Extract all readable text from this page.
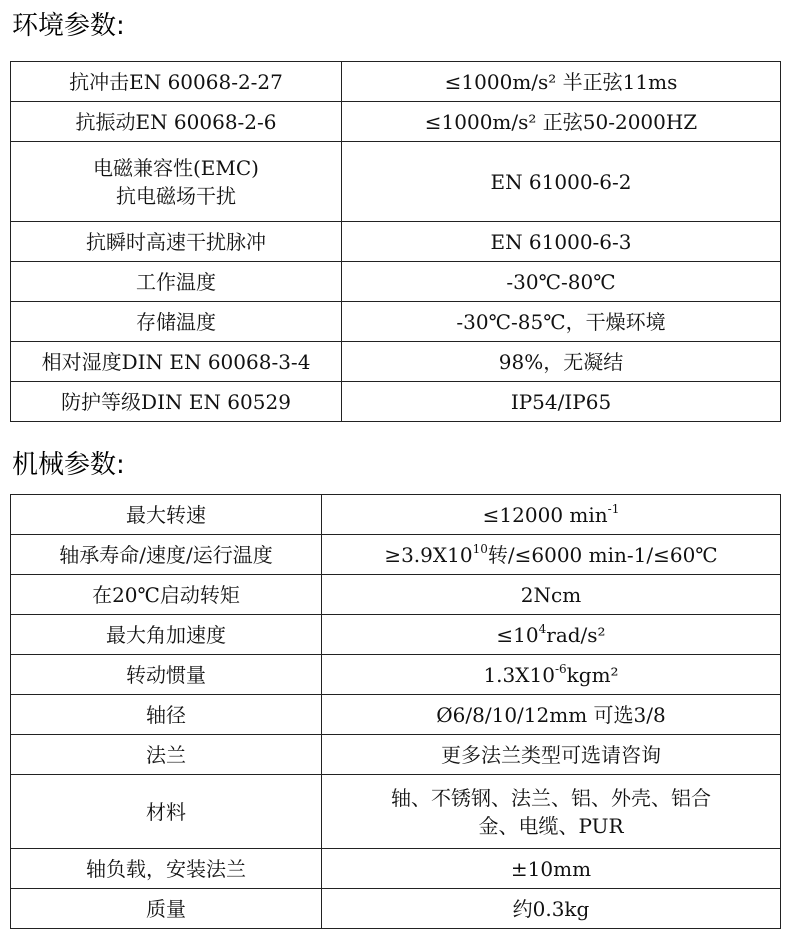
环境参数:
抗冲击EN 60068-2-27	≤1000m/s² 半正弦11ms
抗振动EN 60068-2-6	≤1000m/s² 正弦50-2000HZ

电磁兼容性(EMC)
抗电磁场干扰	EN 61000-6-2
抗瞬时高速干扰脉冲	EN 61000-6-3
工作温度	-30℃-80℃
存储温度	-30℃-85℃，干燥环境
相对湿度DIN EN 60068-3-4	98%，无凝结
防护等级DIN EN 60529	IP54/IP65
机械参数:
最大转速	≤12000 $\min^{-1}$
轴承寿命/速度/运行温度	$\ge 3.9X10^{10}$转/≤6000 min-1/≤60℃
在20℃启动转矩	2Ncm
最大角加速度	$\le 10^4rad/s^2$
转动惯量	$1.3X10^{-6}kgm^2$
轴径	Ø6/8/10/12mm 可选3/8
法兰	更多法兰类型可选请咨询
材料	轴、不锈钢、法兰、铝、外壳、铝合
金、电缆、PUR

轴负载，安装法兰	±10mm
质量	约0.3kg
